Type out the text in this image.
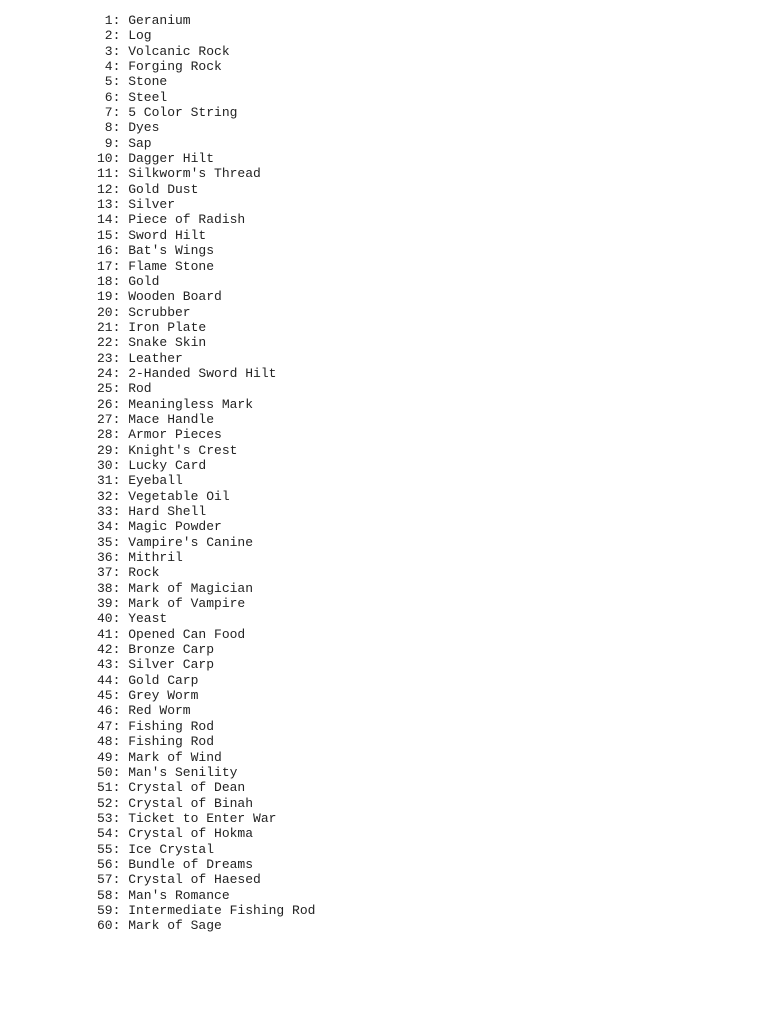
1: Geranium
2: Log
3: Volcanic Rock
4: Forging Rock
5: Stone
6: Steel
7: 5 Color String
8: Dyes
9: Sap
10: Dagger Hilt
11: Silkworm's Thread
12: Gold Dust
13: Silver
14: Piece of Radish
15: Sword Hilt
16: Bat's Wings
17: Flame Stone
18: Gold
19: Wooden Board
20: Scrubber
21: Iron Plate
22: Snake Skin
23: Leather
24: 2-Handed Sword Hilt
25: Rod
26: Meaningless Mark
27: Mace Handle
28: Armor Pieces
29: Knight's Crest
30: Lucky Card
31: Eyeball
32: Vegetable Oil
33: Hard Shell
34: Magic Powder
35: Vampire's Canine
36: Mithril
37: Rock
38: Mark of Magician
39: Mark of Vampire
40: Yeast
41: Opened Can Food
42: Bronze Carp
43: Silver Carp
44: Gold Carp
45: Grey Worm
46: Red Worm
47: Fishing Rod
48: Fishing Rod
49: Mark of Wind
50: Man's Senility
51: Crystal of Dean
52: Crystal of Binah
53: Ticket to Enter War
54: Crystal of Hokma
55: Ice Crystal
56: Bundle of Dreams
57: Crystal of Haesed
58: Man's Romance
59: Intermediate Fishing Rod
60: Mark of Sage
